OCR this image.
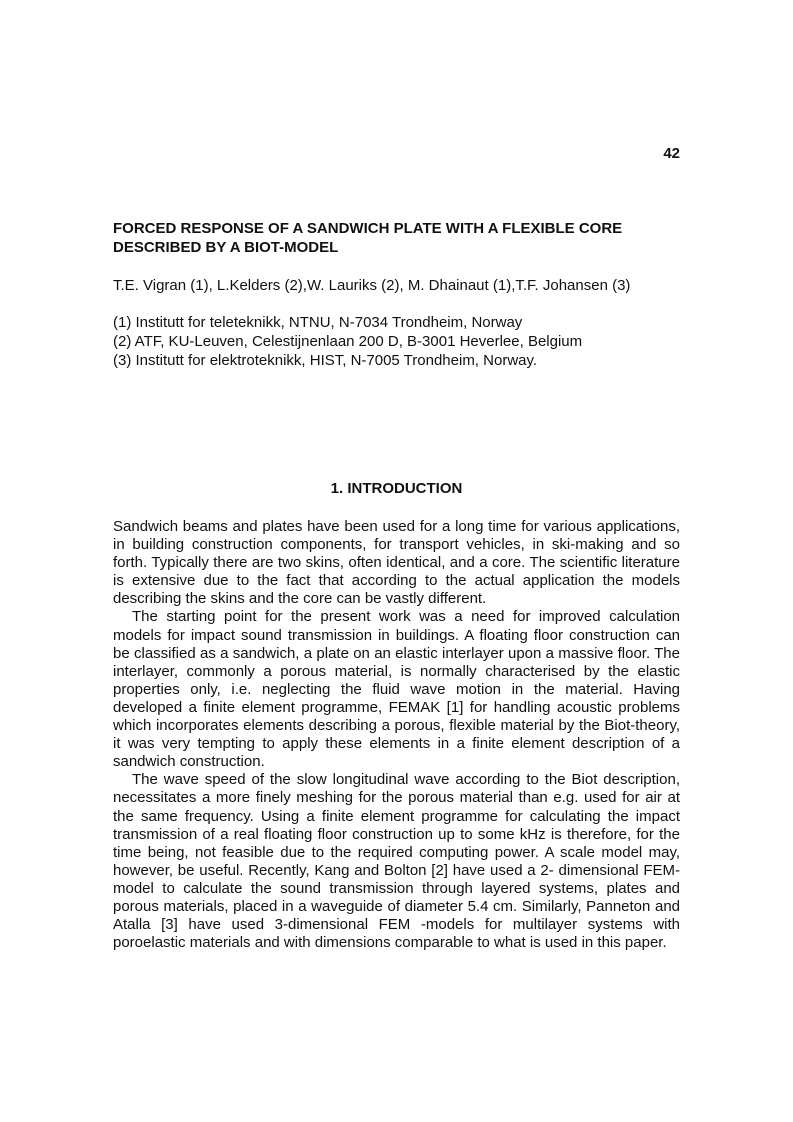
42
FORCED RESPONSE OF A SANDWICH PLATE WITH A FLEXIBLE CORE DESCRIBED BY A BIOT-MODEL

T.E. Vigran (1), L.Kelders (2),W. Lauriks (2), M. Dhainaut (1),T.F. Johansen (3)

(1) Institutt for teleteknikk, NTNU, N-7034 Trondheim, Norway
(2) ATF, KU-Leuven, Celestijnenlaan 200 D, B-3001 Heverlee, Belgium
(3) Institutt for elektroteknikk, HIST, N-7005 Trondheim, Norway.
1. INTRODUCTION

Sandwich beams and plates have been used for a long time for various applications, in building construction components, for transport vehicles, in ski-making and so forth. Typically there are two skins, often identical, and a core. The scientific literature is extensive due to the fact that according to the actual application the models describing the skins and the core can be vastly different.

The starting point for the present work was a need for improved calculation models for impact sound transmission in buildings. A floating floor construction can be classified as a sandwich, a plate on an elastic interlayer upon a massive floor. The interlayer, commonly a porous material, is normally characterised by the elastic properties only, i.e. neglecting the fluid wave motion in the material. Having developed a finite element programme, FEMAK [1] for handling acoustic problems which incorporates elements describing a porous, flexible material by the Biot-theory, it was very tempting to apply these elements in a finite element description of a sandwich construction.

The wave speed of the slow longitudinal wave according to the Biot description, necessitates a more finely meshing for the porous material than e.g. used for air at the same frequency. Using a finite element programme for calculating the impact transmission of a real floating floor construction up to some kHz is therefore, for the time being, not feasible due to the required computing power. A scale model may, however, be useful. Recently, Kang and Bolton [2] have used a 2- dimensional FEM-model to calculate the sound transmission through layered systems, plates and porous materials, placed in a waveguide of diameter 5.4 cm. Similarly, Panneton and Atalla [3] have used 3-dimensional FEM -models for multilayer systems with poroelastic materials and with dimensions comparable to what is used in this paper.
